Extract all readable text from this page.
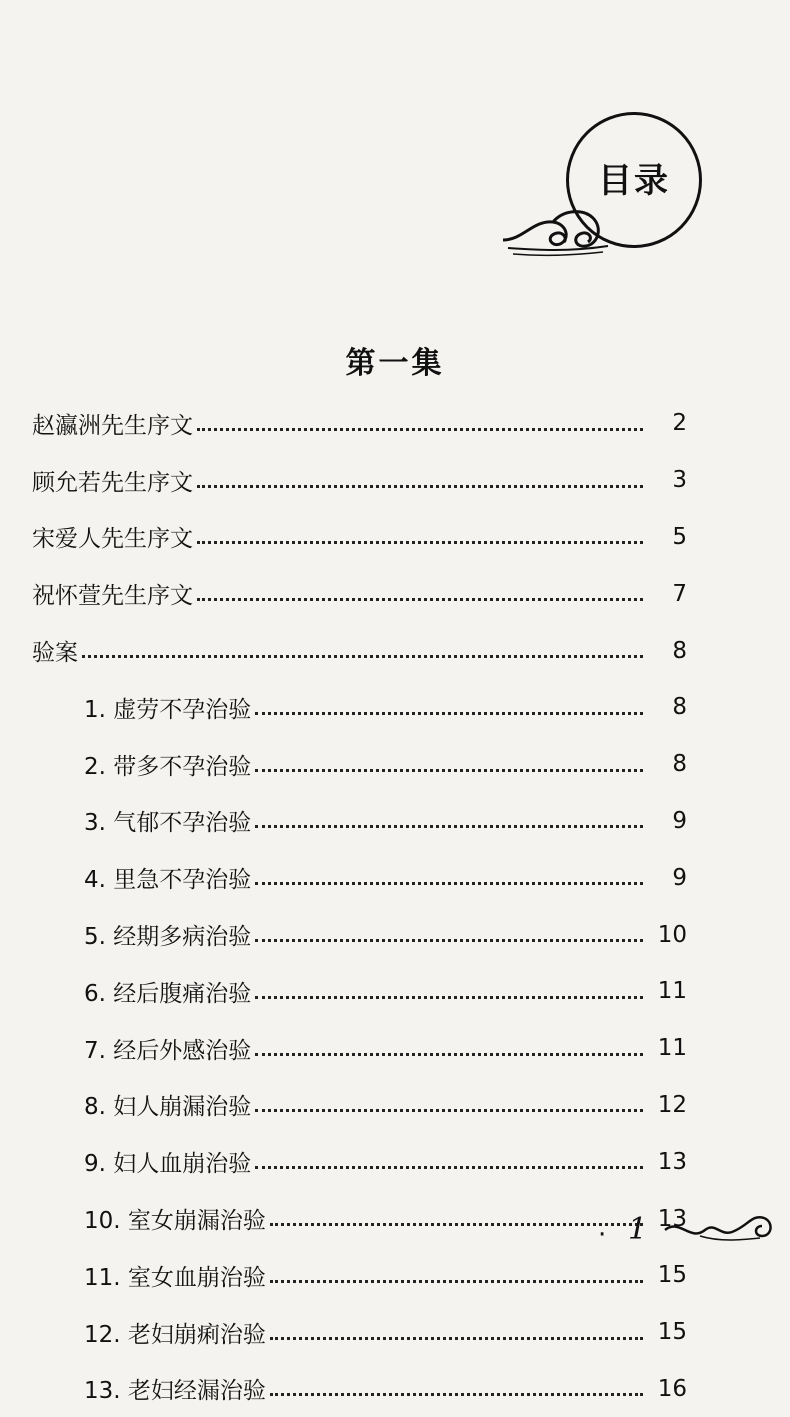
目录
第一集
赵瀛洲先生序文	2
顾允若先生序文	3
宋爱人先生序文	5
祝怀萱先生序文	7
验案	8
1. 虚劳不孕治验	8
2. 带多不孕治验	8
3. 气郁不孕治验	9
4. 里急不孕治验	9
5. 经期多病治验	10
6. 经后腹痛治验	11
7. 经后外感治验	11
8. 妇人崩漏治验	12
9. 妇人血崩治验	13
10. 室女崩漏治验	13
11. 室女血崩治验	15
12. 老妇崩痢治验	15
13. 老妇经漏治验	16
· 1
